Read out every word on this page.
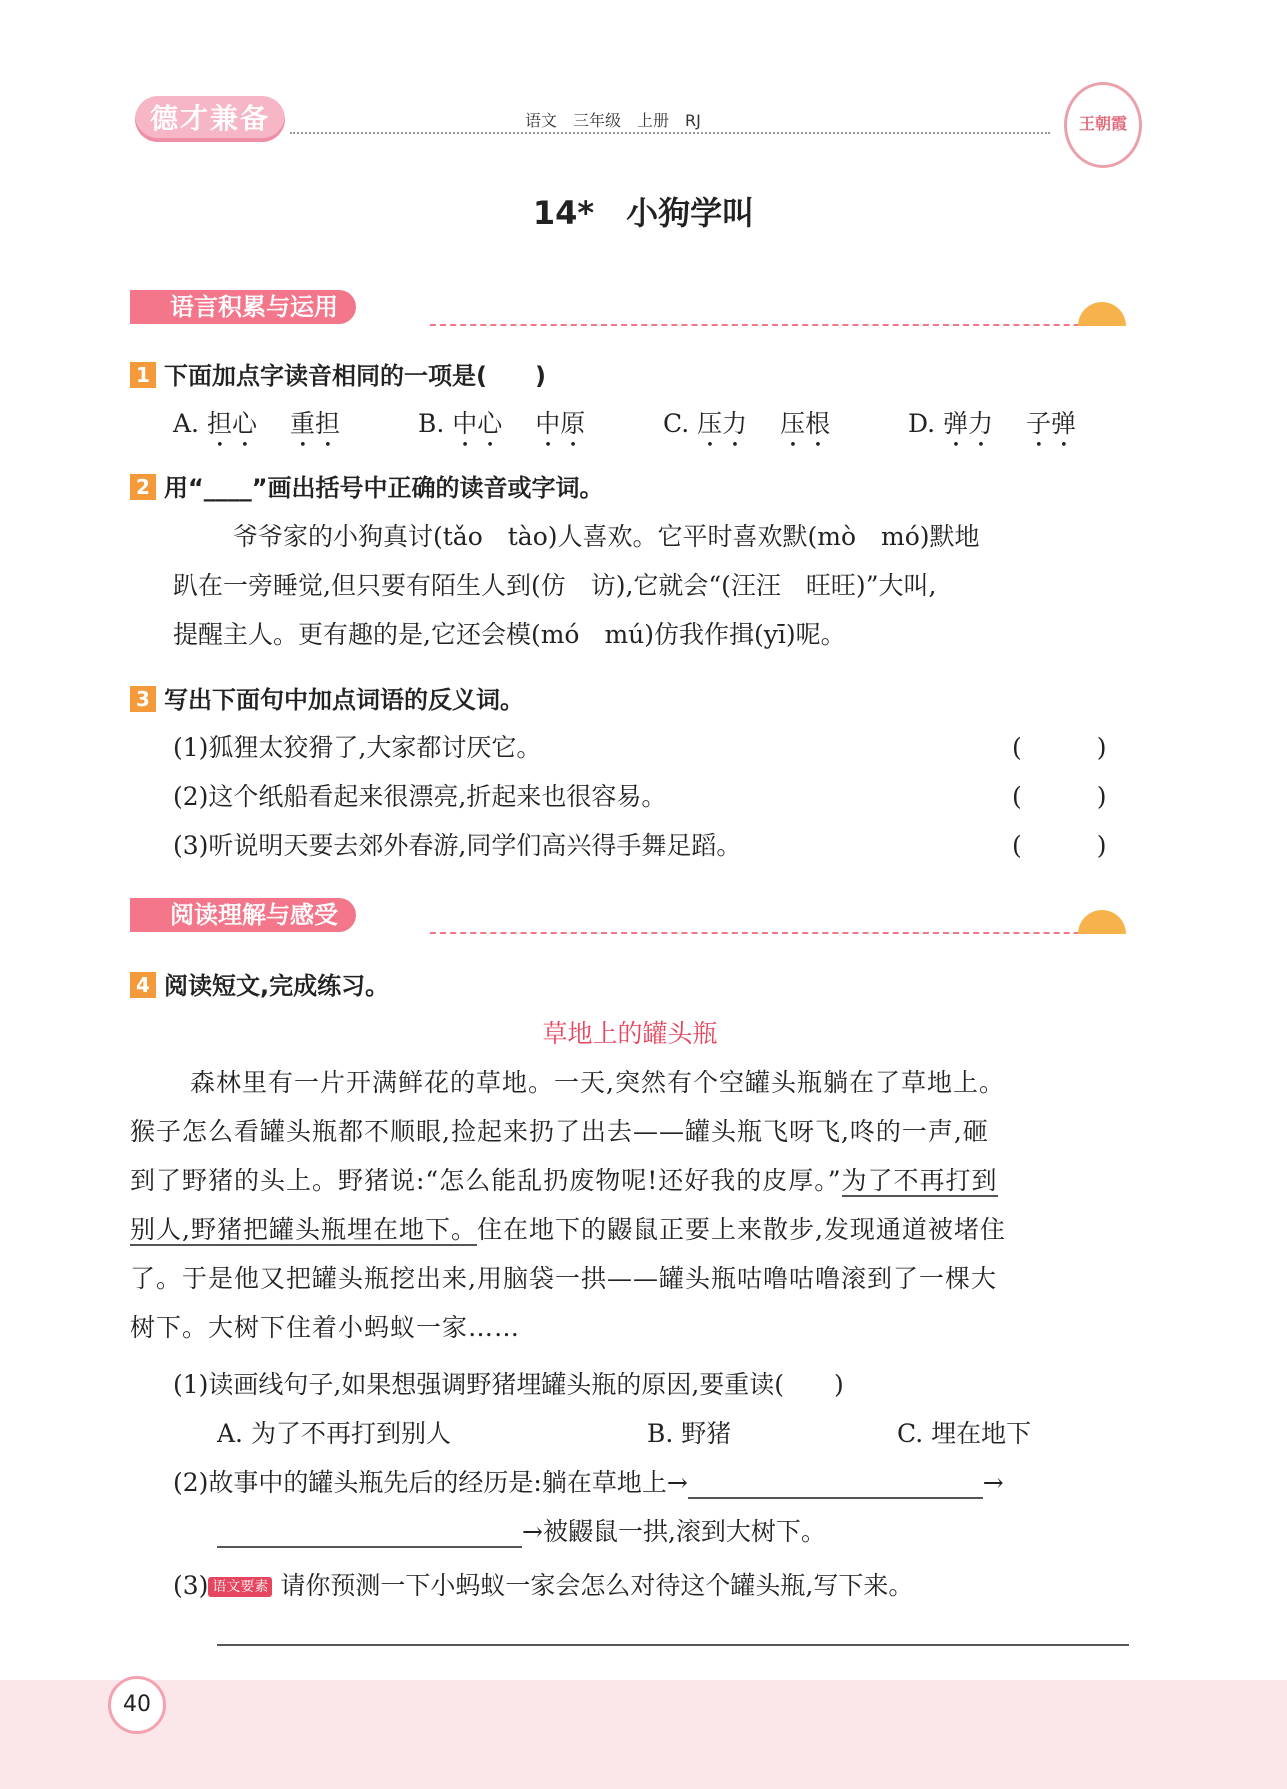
德才兼备	语文　三年级　上册　RJ	王朝霞
14*　小狗学叫
语言积累与运用
1 下面加点字读音相同的一项是(　　)
A. 担心　 重担	B. 中心　 中原	C. 压力　 压根	D. 弹力　 子弹
2 用“____”画出括号中正确的读音或字词。
爷爷家的小狗真讨(tǎo　tào)人喜欢。它平时喜欢默(mò　mó)默地
趴在一旁睡觉,但只要有陌生人到(仿　访),它就会“(汪汪　旺旺)”大叫,
提醒主人。更有趣的是,它还会模(mó　mú)仿我作揖(yī)呢。
3 写出下面句中加点词语的反义词。
(1)狐狸太狡猾了,大家都讨厌它。	(　　　)
(2)这个纸船看起来很漂亮,折起来也很容易。	(　　　)
(3)听说明天要去郊外春游,同学们高兴得手舞足蹈。	(　　　)
阅读理解与感受
4 阅读短文,完成练习。
草地上的罐头瓶
森林里有一片开满鲜花的草地。一天,突然有个空罐头瓶躺在了草地上。
猴子怎么看罐头瓶都不顺眼,捡起来扔了出去——罐头瓶飞呀飞,咚的一声,砸
到了野猪的头上。野猪说:“怎么能乱扔废物呢!还好我的皮厚。”为了不再打到
别人,野猪把罐头瓶埋在地下。住在地下的鼹鼠正要上来散步,发现通道被堵住
了。于是他又把罐头瓶挖出来,用脑袋一拱——罐头瓶咕噜咕噜滚到了一棵大
树下。大树下住着小蚂蚁一家……
(1)读画线句子,如果想强调野猪埋罐头瓶的原因,要重读(　　)
A. 为了不再打到别人	B. 野猪	C. 埋在地下
(2)故事中的罐头瓶先后的经历是:躺在草地上→	→
→被鼹鼠一拱,滚到大树下。
(3) 语文要素 请你预测一下小蚂蚁一家会怎么对待这个罐头瓶,写下来。
40
